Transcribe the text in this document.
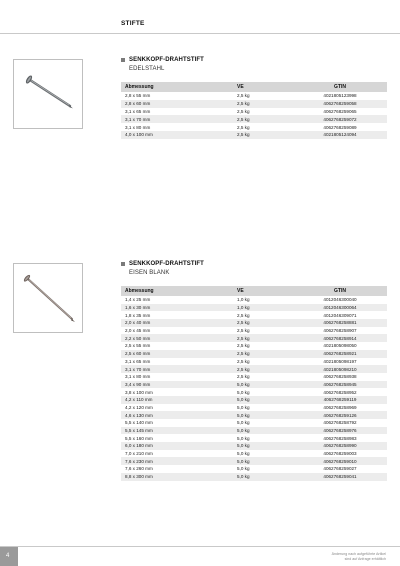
STIFTE
SENKKOPF-DRAHTSTIFT
EDELSTAHL
Abmessung	VE	GTIN
2,8 x 55 mm	2,5 kg	4021805123998
2,8 x 60 mm	2,5 kg	4062768259058
3,1 x 65 mm	2,5 kg	4062768259065
3,1 x 70 mm	2,5 kg	4062768259072
3,1 x 80 mm	2,5 kg	4062768259089
4,0 x 100 mm	2,5 kg	4021805124094
SENKKOPF-DRAHTSTIFT
EISEN BLANK
Abmessung	VE	GTIN
1,4 x 25 mm	1,0 kg	4012046300040
1,6 x 30 mm	1,0 kg	4012046300064
1,8 x 35 mm	2,5 kg	4012046309071
2,0 x 40 mm	2,5 kg	4062768258881
2,0 x 45 mm	2,5 kg	4062768258907
2,2 x 50 mm	2,5 kg	4062768258914
2,5 x 55 mm	2,5 kg	4021805098050
2,5 x 60 mm	2,5 kg	4062768258921
3,1 x 65 mm	2,5 kg	4021805098197
3,1 x 70 mm	2,5 kg	4021805098210
3,1 x 80 mm	2,5 kg	4062768258938
3,4 x 90 mm	5,0 kg	4062768258945
3,8 x 100 mm	5,0 kg	4062768258952
4,2 x 110 mm	5,0 kg	4062768259119
4,2 x 120 mm	5,0 kg	4062768258969
4,6 x 130 mm	5,0 kg	4062768259126
5,5 x 140 mm	5,0 kg	4062768258792
5,5 x 145 mm	5,0 kg	4062768258976
5,5 x 160 mm	5,0 kg	4062768258983
6,0 x 180 mm	5,0 kg	4062768258990
7,0 x 210 mm	5,0 kg	4062768259003
7,6 x 230 mm	5,0 kg	4062768259010
7,6 x 260 mm	5,0 kg	4062768259027
8,8 x 300 mm	5,0 kg	4062768259041
4	Änderung nach aufgeführte Artikel
sind auf Anfrage erhältlich
